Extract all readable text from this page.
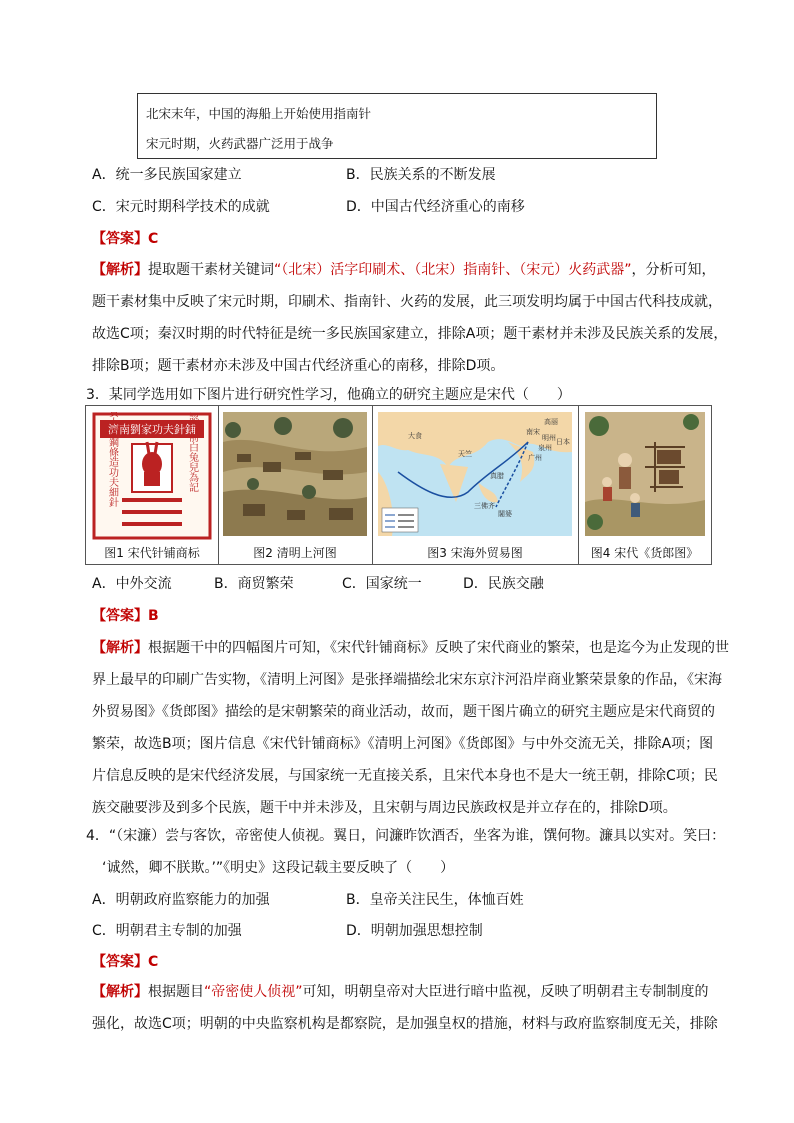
北宋末年，中国的海船上开始使用指南针
宋元时期，火药武器广泛用于战争
A．统一多民族国家建立	B．民族关系的不断发展
C．宋元时期科学技术的成就	D．中国古代经济重心的南移
【答案】C
【解析】提取题干素材关键词“（北宋）活字印刷术、（北宋）指南针、（宋元）火药武器”，分析可知，
题干素材集中反映了宋元时期，印刷术、指南针、火药的发展，此三项发明均属于中国古代科技成就，
故选C项；秦汉时期的时代特征是统一多民族国家建立，排除A项；题干素材并未涉及民族关系的发展，
排除B项；题干素材亦未涉及中国古代经济重心的南移，排除D项。
3．某同学选用如下图片进行研究性学习，他确立的研究主题应是宋代（　　）
濟南劉家功夫針鋪
收買上等鋼條造功夫細針	認門前白兔兒為記
图1 宋代针铺商标	图2 清明上河图
大食
天竺
南宋
高丽
日本
真腊
三佛齐
闍婆
广州
泉州
明州
图3 宋海外贸易图	图4 宋代《货郎图》
A．中外交流	B．商贸繁荣	C．国家统一	D．民族交融
【答案】B
【解析】根据题干中的四幅图片可知，《宋代针铺商标》反映了宋代商业的繁荣，也是迄今为止发现的世
界上最早的印刷广告实物，《清明上河图》是张择端描绘北宋东京汴河沿岸商业繁荣景象的作品，《宋海
外贸易图》《货郎图》描绘的是宋朝繁荣的商业活动，故而，题干图片确立的研究主题应是宋代商贸的
繁荣，故选B项；图片信息《宋代针铺商标》《清明上河图》《货郎图》与中外交流无关，排除A项；图
片信息反映的是宋代经济发展，与国家统一无直接关系，且宋代本身也不是大一统王朝，排除C项；民
族交融要涉及到多个民族，题干中并未涉及，且宋朝与周边民族政权是并立存在的，排除D项。
4．“（宋濂）尝与客饮，帝密使人侦视。翼日，问濂昨饮酒否，坐客为谁，馔何物。濂具以实对。笑曰：
‘诚然，卿不朕欺。’”《明史》这段记载主要反映了（　　）
A．明朝政府监察能力的加强	B．皇帝关注民生，体恤百姓
C．明朝君主专制的加强	D．明朝加强思想控制
【答案】C
【解析】根据题目“帝密使人侦视”可知，明朝皇帝对大臣进行暗中监视，反映了明朝君主专制制度的
强化，故选C项；明朝的中央监察机构是都察院，是加强皇权的措施，材料与政府监察制度无关，排除
